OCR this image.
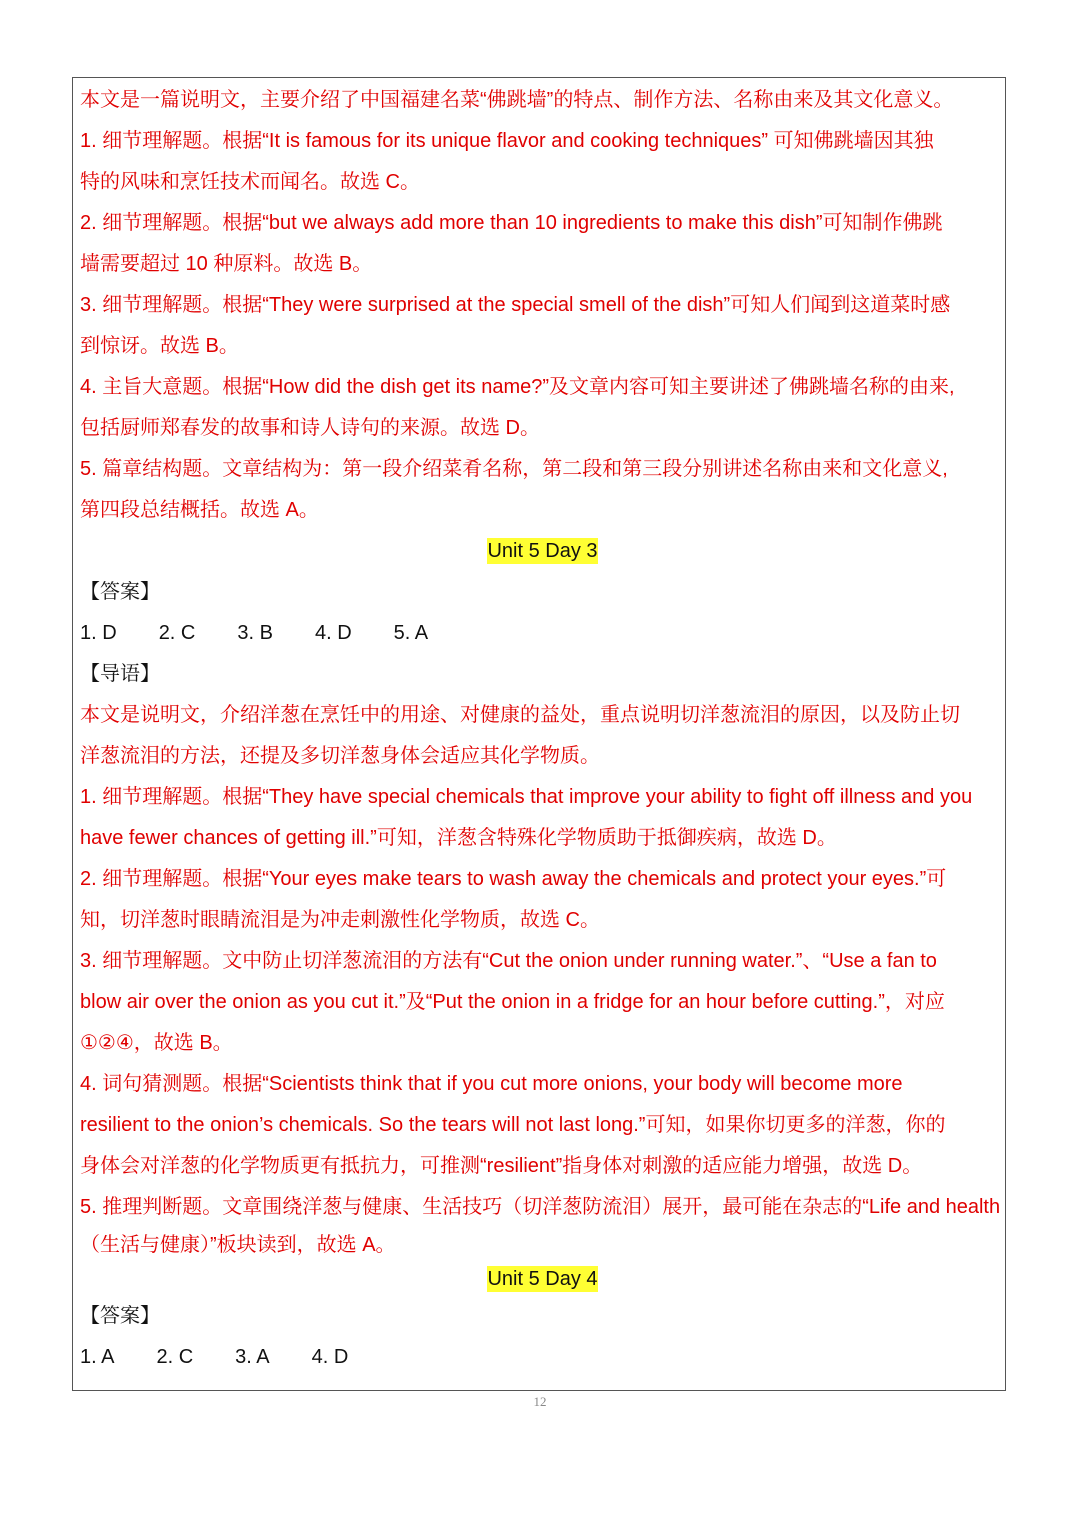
本文是一篇说明文，主要介绍了中国福建名菜“佛跳墙”的特点、制作方法、名称由来及其文化意义。
1. 细节理解题。根据“It is famous for its unique flavor and cooking techniques” 可知佛跳墙因其独
特的风味和烹饪技术而闻名。故选 C。
2. 细节理解题。根据“but we always add more than 10 ingredients to make this dish”可知制作佛跳
墙需要超过 10 种原料。故选 B。
3. 细节理解题。根据“They were surprised at the special smell of the dish”可知人们闻到这道菜时感
到惊讶。故选 B。
4. 主旨大意题。根据“How did the dish get its name?”及文章内容可知主要讲述了佛跳墙名称的由来,
包括厨师郑春发的故事和诗人诗句的来源。故选 D。
5. 篇章结构题。文章结构为：第一段介绍菜肴名称，第二段和第三段分别讲述名称由来和文化意义,
第四段总结概括。故选 A。
Unit 5 Day 3
【答案】
1. D 2. C 3. B 4. D 5. A
【导语】
本文是说明文，介绍洋葱在烹饪中的用途、对健康的益处，重点说明切洋葱流泪的原因，以及防止切
洋葱流泪的方法，还提及多切洋葱身体会适应其化学物质。
1. 细节理解题。根据“They have special chemicals that improve your ability to fight off illness and you
have fewer chances of getting ill.”可知，洋葱含特殊化学物质助于抵御疾病，故选 D。
2. 细节理解题。根据“Your eyes make tears to wash away the chemicals and protect your eyes.”可
知，切洋葱时眼睛流泪是为冲走刺激性化学物质，故选 C。
3. 细节理解题。文中防止切洋葱流泪的方法有“Cut the onion under running water.”、“Use a fan to
blow air over the onion as you cut it.”及“Put the onion in a fridge for an hour before cutting.”，对应
①②④，故选 B。
4. 词句猜测题。根据“Scientists think that if you cut more onions, your body will become more
resilient to the onion’s chemicals. So the tears will not last long.”可知，如果你切更多的洋葱，你的
身体会对洋葱的化学物质更有抵抗力，可推测“resilient”指身体对刺激的适应能力增强，故选 D。
5. 推理判断题。文章围绕洋葱与健康、生活技巧（切洋葱防流泪）展开，最可能在杂志的“Life and health
（生活与健康）”板块读到，故选 A。
Unit 5 Day 4
【答案】
1. A 2. C 3. A 4. D
12
